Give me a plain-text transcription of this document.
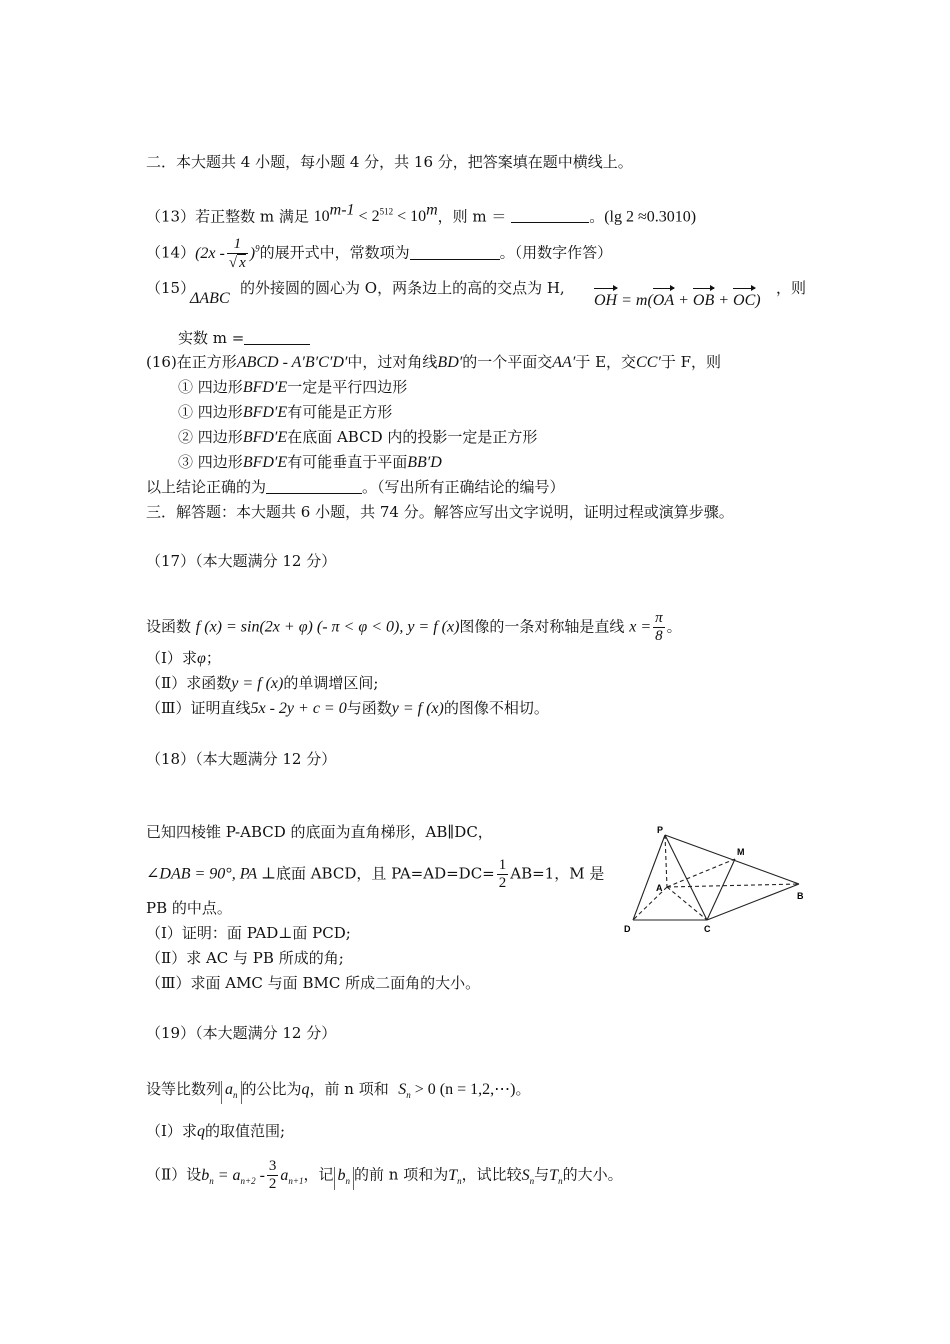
二．本大题共 4 小题，每小题 4 分，共 16 分，把答案填在题中横线上。
（13）若正整数 m 满足 $10^{m-1} < 2^{512} < 10^m$，则 m ＝	。(lg 2 ≈0.3010)
$(14)(2x - \frac{1}{√ x} )^9$的展开式中，常数项为	。（用数字作答）
（15）
ΔABC
的外接圆的圆心为 O，两条边上的高的交点为 H,
OH = m(OA + OB + OC)
，则
实数 m =
(16)在正方形ABCD - A′B′C′D′中，过对角线BD′的一个平面交AA′于 E，交CC′于 F，则
① 四边形BFD′E一定是平行四边形
① 四边形BFD′E有可能是正方形
② 四边形BFD′E在底面 ABCD 内的投影一定是正方形
③ 四边形BFD′E有可能垂直于平面BB′D
以上结论正确的为	。（写出所有正确结论的编号）
三．解答题：本大题共 6 小题，共 74 分。解答应写出文字说明，证明过程或演算步骤。
（17）（本大题满分 12 分）
设函数 f (x) = sin(2x + φ) (- π < φ < 0), y = f (x)图像的一条对称轴是直线 $x = \frac{\pi}{8}$ 。
（Ⅰ）求φ；
（Ⅱ）求函数y = f (x)的单调增区间;
（Ⅲ）证明直线5x - 2y + c = 0与函数y = f (x)的图像不相切。
（18）（本大题满分 12 分）
已知四棱锥 P-ABCD 的底面为直角梯形，AB∥DC，
∠DAB = 90°, PA ⊥底面 ABCD，且 $PA=AD=DC= \frac{1}{2} AB=1$，M 是
PB 的中点。
（Ⅰ）证明：面 PAD⊥面 PCD;
（Ⅱ）求 AC 与 PB 所成的角;
（Ⅲ）求面 AMC 与面 BMC 所成二面角的大小。
P
M
A
B
C
D
（19）（本大题满分 12 分）
设等比数列 $a_n$ 的公比为q，前 n 项和 $S_n > 0$ (n = 1,2,⋯)。
（Ⅰ）求q的取值范围;
（Ⅱ）设$b_n = a_{n+2} - \frac{3}{2} a_{n+1}$，记 $b_n$ 的前 n 项和为$T_n$，试比较$S_n$与$T_n$的大小。
